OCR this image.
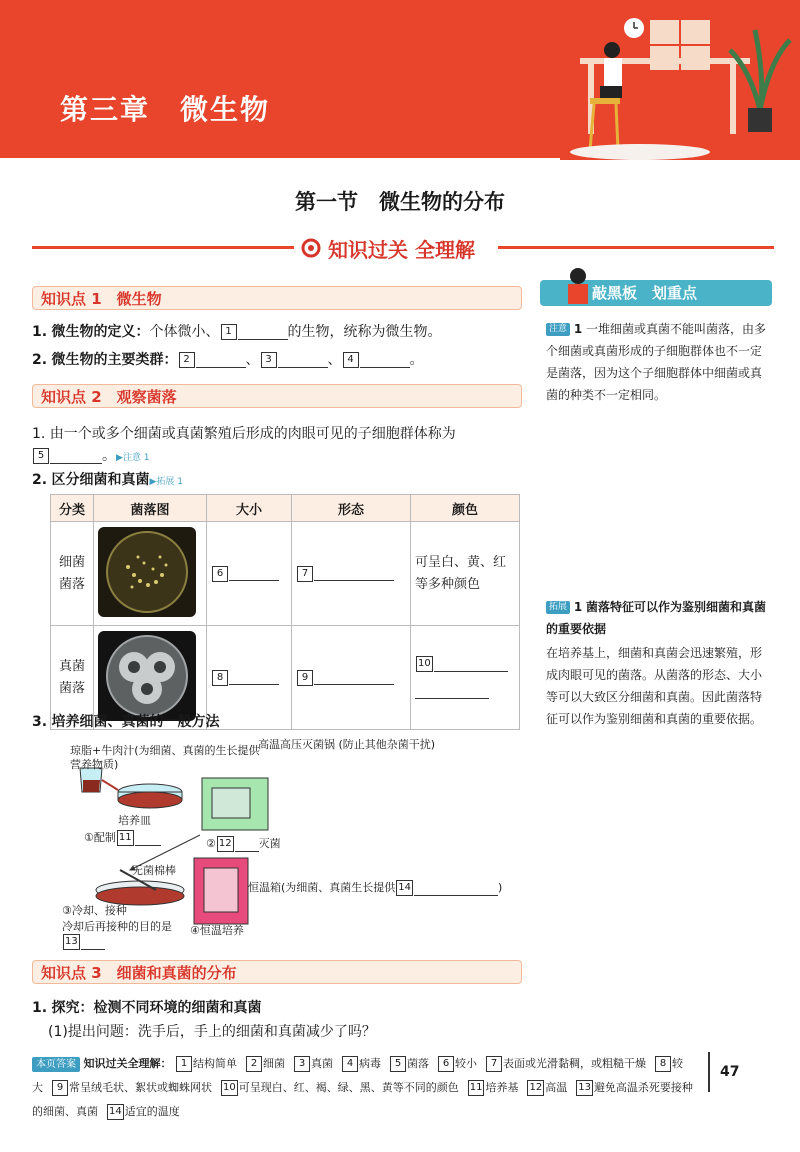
第三章　微生物
第一节　微生物的分布
知识过关 全理解
知识点 1　微生物
1. 微生物的定义：个体微小、 1	的生物，统称为微生物。
2. 微生物的主要类群： 2	、 3	、 4	。
知识点 2　观察菌落
1. 由一个或多个细菌或真菌繁殖后形成的肉眼可见的子细胞群体称为
5	。▶注意 1
2. 区分细菌和真菌▶拓展 1
分类	菌落图	大小	形态	颜色
细菌菌落		6	7	可呈白、黄、红等多种颜色
真菌菌落		8	9	10

3. 培养细菌、真菌的一般方法
琼脂+牛肉汁(为细菌、真菌的生长提供营养物质)
高温高压灭菌锅 (防止其他杂菌干扰)
培养皿
①配制 11	② 12 灭菌
无菌棉棒
恒温箱(为细菌、真菌生长提供 14	)
③冷却、接种
冷却后再接种的目的是13
④恒温培养
知识点 3　细菌和真菌的分布
1. 探究：检测不同环境的细菌和真菌
(1)提出问题：洗手后，手上的细菌和真菌减少了吗？
敲黑板　划重点
注意 1 一堆细菌或真菌不能叫菌落，由多个细菌或真菌形成的子细胞群体也不一定是菌落，因为这个子细胞群体中细菌或真菌的种类不一定相同。
拓展 1 菌落特征可以作为鉴别细菌和真菌的重要依据
在培养基上，细菌和真菌会迅速繁殖，形成肉眼可见的菌落。从菌落的形态、大小等可以大致区分细菌和真菌。因此菌落特征可以作为鉴别细菌和真菌的重要依据。
本页答案 知识过关全理解： 1 结构简单 2 细菌 3 真菌 4 病毒 5 菌落 6 较小 7 表面或光滑黏稠，或粗糙干燥 8 较大 9 常呈绒毛状、絮状或蜘蛛网状 10 可呈现白、红、褐、绿、黑、黄等不同的颜色 11 培养基 12 高温 13 避免高温杀死要接种的细菌、真菌 14 适宜的温度
47
